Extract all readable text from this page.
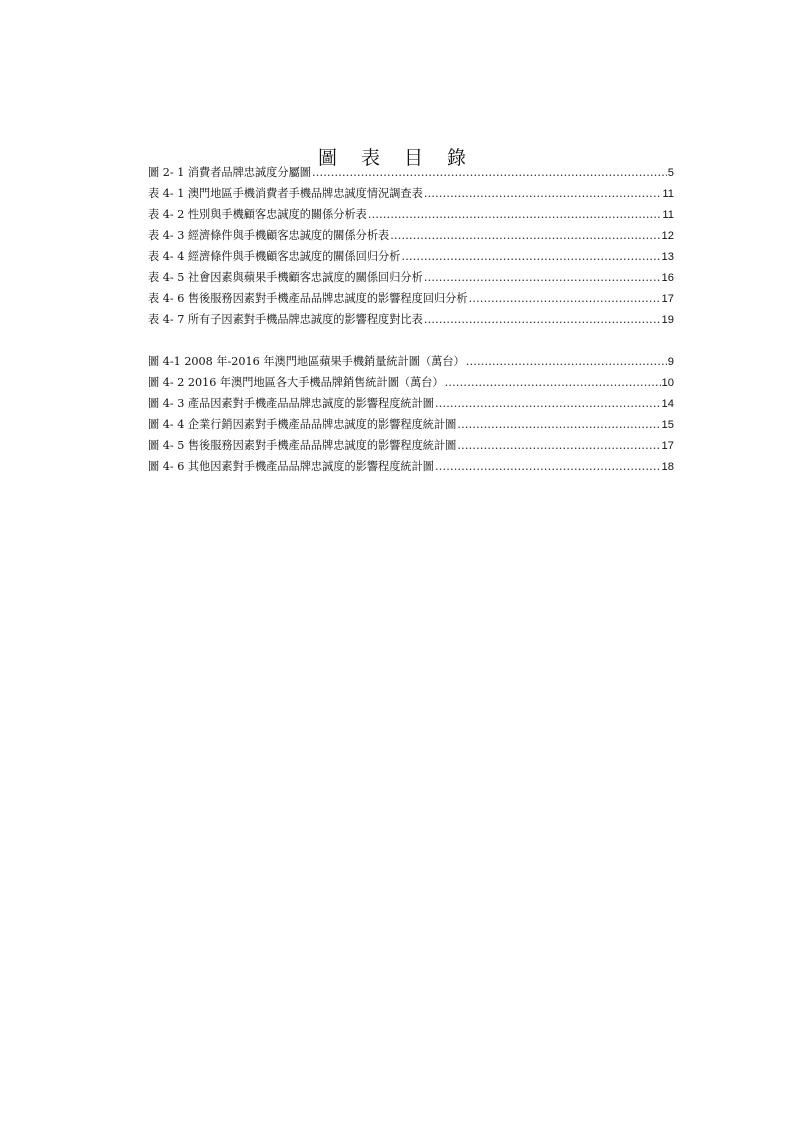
圖 表 目 錄
圖 2- 1 消費者品牌忠誠度分屬圖 .....	5
表 4- 1 澳門地區手機消費者手機品牌忠誠度情況調查表 .....	11
表 4- 2 性別與手機顧客忠誠度的關係分析表 .....	11
表 4- 3 經濟條件與手機顧客忠誠度的關係分析表 .....	12
表 4- 4 經濟條件與手機顧客忠誠度的關係回归分析 .....	13
表 4- 5 社會因素與蘋果手機顧客忠誠度的關係回归分析 .....	16
表 4- 6 售後服務因素對手機產品品牌忠誠度的影響程度回归分析 .....	17
表 4- 7 所有子因素對手機品牌忠誠度的影響程度對比表 .....	19
圖 4-1 2008 年-2016 年澳門地區蘋果手機銷量統計圖（萬台） .....	9
圖 4- 2 2016 年澳門地區各大手機品牌銷售統計圖（萬台） .....	10
圖 4- 3 產品因素對手機產品品牌忠誠度的影響程度統計圖 .....	14
圖 4- 4 企業行銷因素對手機產品品牌忠誠度的影響程度統計圖 .....	15
圖 4- 5 售後服務因素對手機產品品牌忠誠度的影響程度統計圖 .....	17
圖 4- 6 其他因素對手機產品品牌忠誠度的影響程度統計圖 .....	18
